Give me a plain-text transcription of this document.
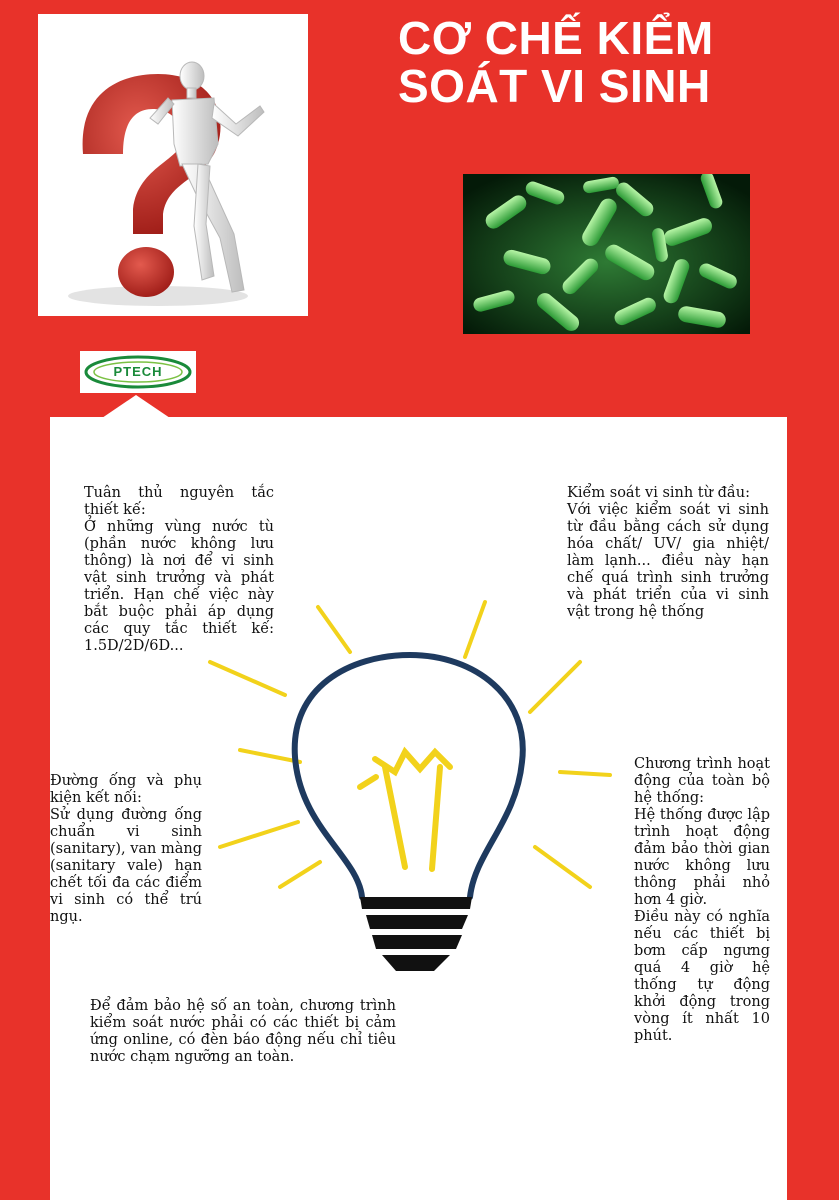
CƠ CHẾ KIỂM
SOÁT VI SINH
PTECH
Tuân thủ nguyên tắc thiết kế:
Ở những vùng nước tù (phần nước không lưu thông) là nơi để vi sinh vật sinh trưởng và phát triển. Hạn chế việc này bắt buộc phải áp dụng các quy tắc thiết kế: 1.5D/2D/6D...
Kiểm soát vi sinh từ đầu:
Với việc kiểm soát vi sinh từ đầu bằng cách sử dụng hóa chất/ UV/ gia nhiệt/ làm lạnh... điều này hạn chế quá trình sinh trưởng và phát triển của vi sinh vật trong hệ thống
Đường ống và phụ kiện kết nối:
Sử dụng đường ống chuẩn vi sinh (sanitary), van màng (sanitary vale) hạn chết tối đa các điểm vi sinh có thể trú ngụ.
Chương trình hoạt động của toàn bộ hệ thống:
Hệ thống được lập trình hoạt động đảm bảo thời gian nước không lưu thông phải nhỏ hơn 4 giờ.
Điều này có nghĩa nếu các thiết bị bơm cấp ngưng quá 4 giờ hệ thống tự động khởi động trong vòng ít nhất 10 phút.
Để đảm bảo hệ số an toàn, chương trình kiểm soát nước phải có các thiết bị cảm ứng online, có đèn báo động nếu chỉ tiêu nước chạm ngưỡng an toàn.
